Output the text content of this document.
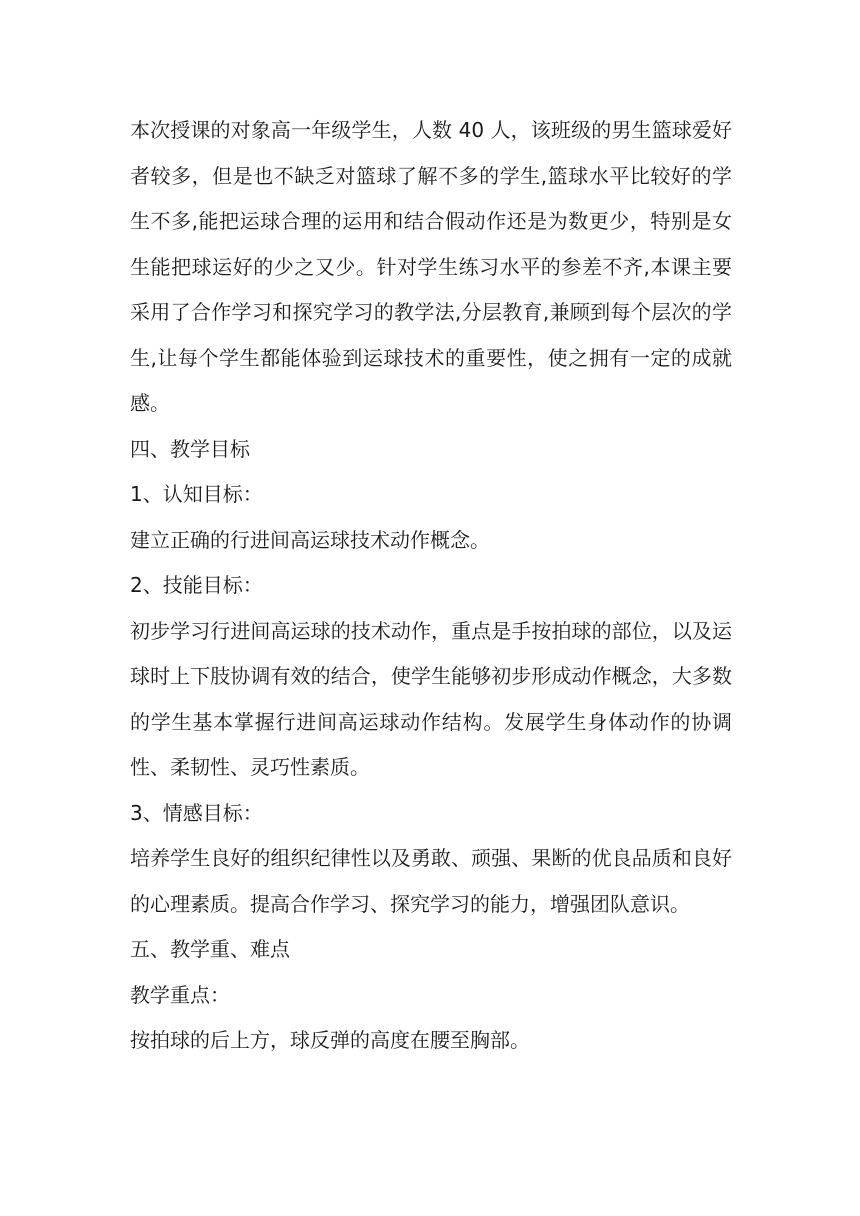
本次授课的对象高一年级学生，人数 40 人，该班级的男生篮球爱好者较多，但是也不缺乏对篮球了解不多的学生,篮球水平比较好的学生不多,能把运球合理的运用和结合假动作还是为数更少，特别是女生能把球运好的少之又少。针对学生练习水平的参差不齐,本课主要采用了合作学习和探究学习的教学法,分层教育,兼顾到每个层次的学生,让每个学生都能体验到运球技术的重要性，使之拥有一定的成就感。

四、教学目标

1、认知目标：

建立正确的行进间高运球技术动作概念。

2、技能目标：

初步学习行进间高运球的技术动作，重点是手按拍球的部位，以及运球时上下肢协调有效的结合，使学生能够初步形成动作概念，大多数的学生基本掌握行进间高运球动作结构。发展学生身体动作的协调性、柔韧性、灵巧性素质。

3、情感目标：

培养学生良好的组织纪律性以及勇敢、顽强、果断的优良品质和良好的心理素质。提高合作学习、探究学习的能力，增强团队意识。

五、教学重、难点

教学重点：

按拍球的后上方，球反弹的高度在腰至胸部。
